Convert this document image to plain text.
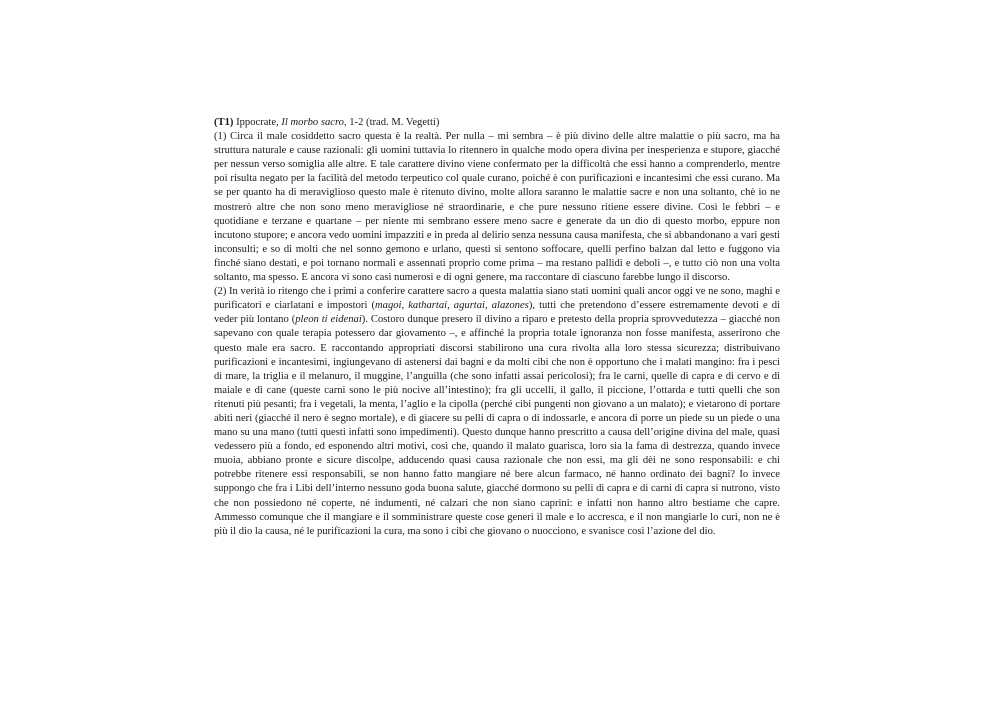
(T1) Ippocrate, Il morbo sacro, 1-2 (trad. M. Vegetti)

(1) Circa il male cosiddetto sacro questa è la realtà. Per nulla – mi sembra – è più divino delle altre malattie o più sacro, ma ha struttura naturale e cause razionali: gli uomini tuttavia lo ritennero in qualche modo opera divina per inesperienza e stupore, giacché per nessun verso somiglia alle altre. E tale carattere divino viene confermato per la difficoltà che essi hanno a comprenderlo, mentre poi risulta negato per la facilità del metodo terpeutico col quale curano, poiché è con purificazioni e incantesimi che essi curano. Ma se per quanto ha di meraviglioso questo male è ritenuto divino, molte allora saranno le malattie sacre e non una soltanto, chè io ne mostrerò altre che non sono meno meravigliose né straordinarie, e che pure nessuno ritiene essere divine. Così le febbri – e quotidiane e terzane e quartane – per niente mi sembrano essere meno sacre e generate da un dio di questo morbo, eppure non incutono stupore; e ancora vedo uomini impazziti e in preda al delirio senza nessuna causa manifesta, che si abbandonano a vari gesti inconsulti; e so di molti che nel sonno gemono e urlano, questi si sentono soffocare, quelli perfino balzan dal letto e fuggono via finché siano destati, e poi tornano normali e assennati proprio come prima – ma restano pallidi e deboli –, e tutto ciò non una volta soltanto, ma spesso. E ancora vi sono casi numerosi e di ogni genere, ma raccontare di ciascuno farebbe lungo il discorso.

(2) In verità io ritengo che i primi a conferire carattere sacro a questa malattia siano stati uomini quali ancor oggi ve ne sono, maghi e purificatori e ciarlatani e impostori (magoi, kathartai, agurtai, alazones), tutti che pretendono d’essere estremamente devoti e di veder più lontano (pleon ti eidenai). Costoro dunque presero il divino a riparo e pretesto della propria sprovvedutezza – giacché non sapevano con quale terapia potessero dar giovamento –, e affinché la propria totale ignoranza non fosse manifesta, asserirono che questo male era sacro. E raccontando appropriati discorsi stabilirono una cura rivolta alla loro stessa sicurezza; distribuivano purificazioni e incantesimi, ingiungevano di astenersi dai bagni e da molti cibi che non è opportuno che i malati mangino: fra i pesci di mare, la triglia e il melanuro, il muggine, l’anguilla (che sono infatti assai pericolosi); fra le carni, quelle di capra e di cervo e di maiale e di cane (queste carni sono le più nocive all’intestino); fra gli uccelli, il gallo, il piccione, l’ottarda e tutti quelli che son ritenuti più pesanti; fra i vegetali, la menta, l’aglio e la cipolla (perché cibi pungenti non giovano a un malato); e vietarono di portare abiti neri (giacché il nero è segno mortale), e di giacere su pelli di capra o di indossarle, e ancora di porre un piede su un piede o una mano su una mano (tutti questi infatti sono impedimenti). Questo dunque hanno prescritto a causa dell’origine divina del male, quasi vedessero più a fondo, ed esponendo altri motivi, così che, quando il malato guarisca, loro sia la fama di destrezza, quando invece muoia, abbiano pronte e sicure discolpe, adducendo quasi causa razionale che non essi, ma gli dèi ne sono responsabili: e chi potrebbe ritenere essi responsabili, se non hanno fatto mangiare né bere alcun farmaco, né hanno ordinato dei bagni? Io invece suppongo che fra i Libi dell’interno nessuno goda buona salute, giacché dormono su pelli di capra e di carni di capra si nutrono, visto che non possiedono né coperte, né indumenti, né calzari che non siano caprini: e infatti non hanno altro bestiame che capre. Ammesso comunque che il mangiare e il somministrare queste cose generi il male e lo accresca, e il non mangiarle lo curi, non ne è più il dio la causa, né le purificazioni la cura, ma sono i cibi che giovano o nuocciono, e svanisce così l’azione del dio.
